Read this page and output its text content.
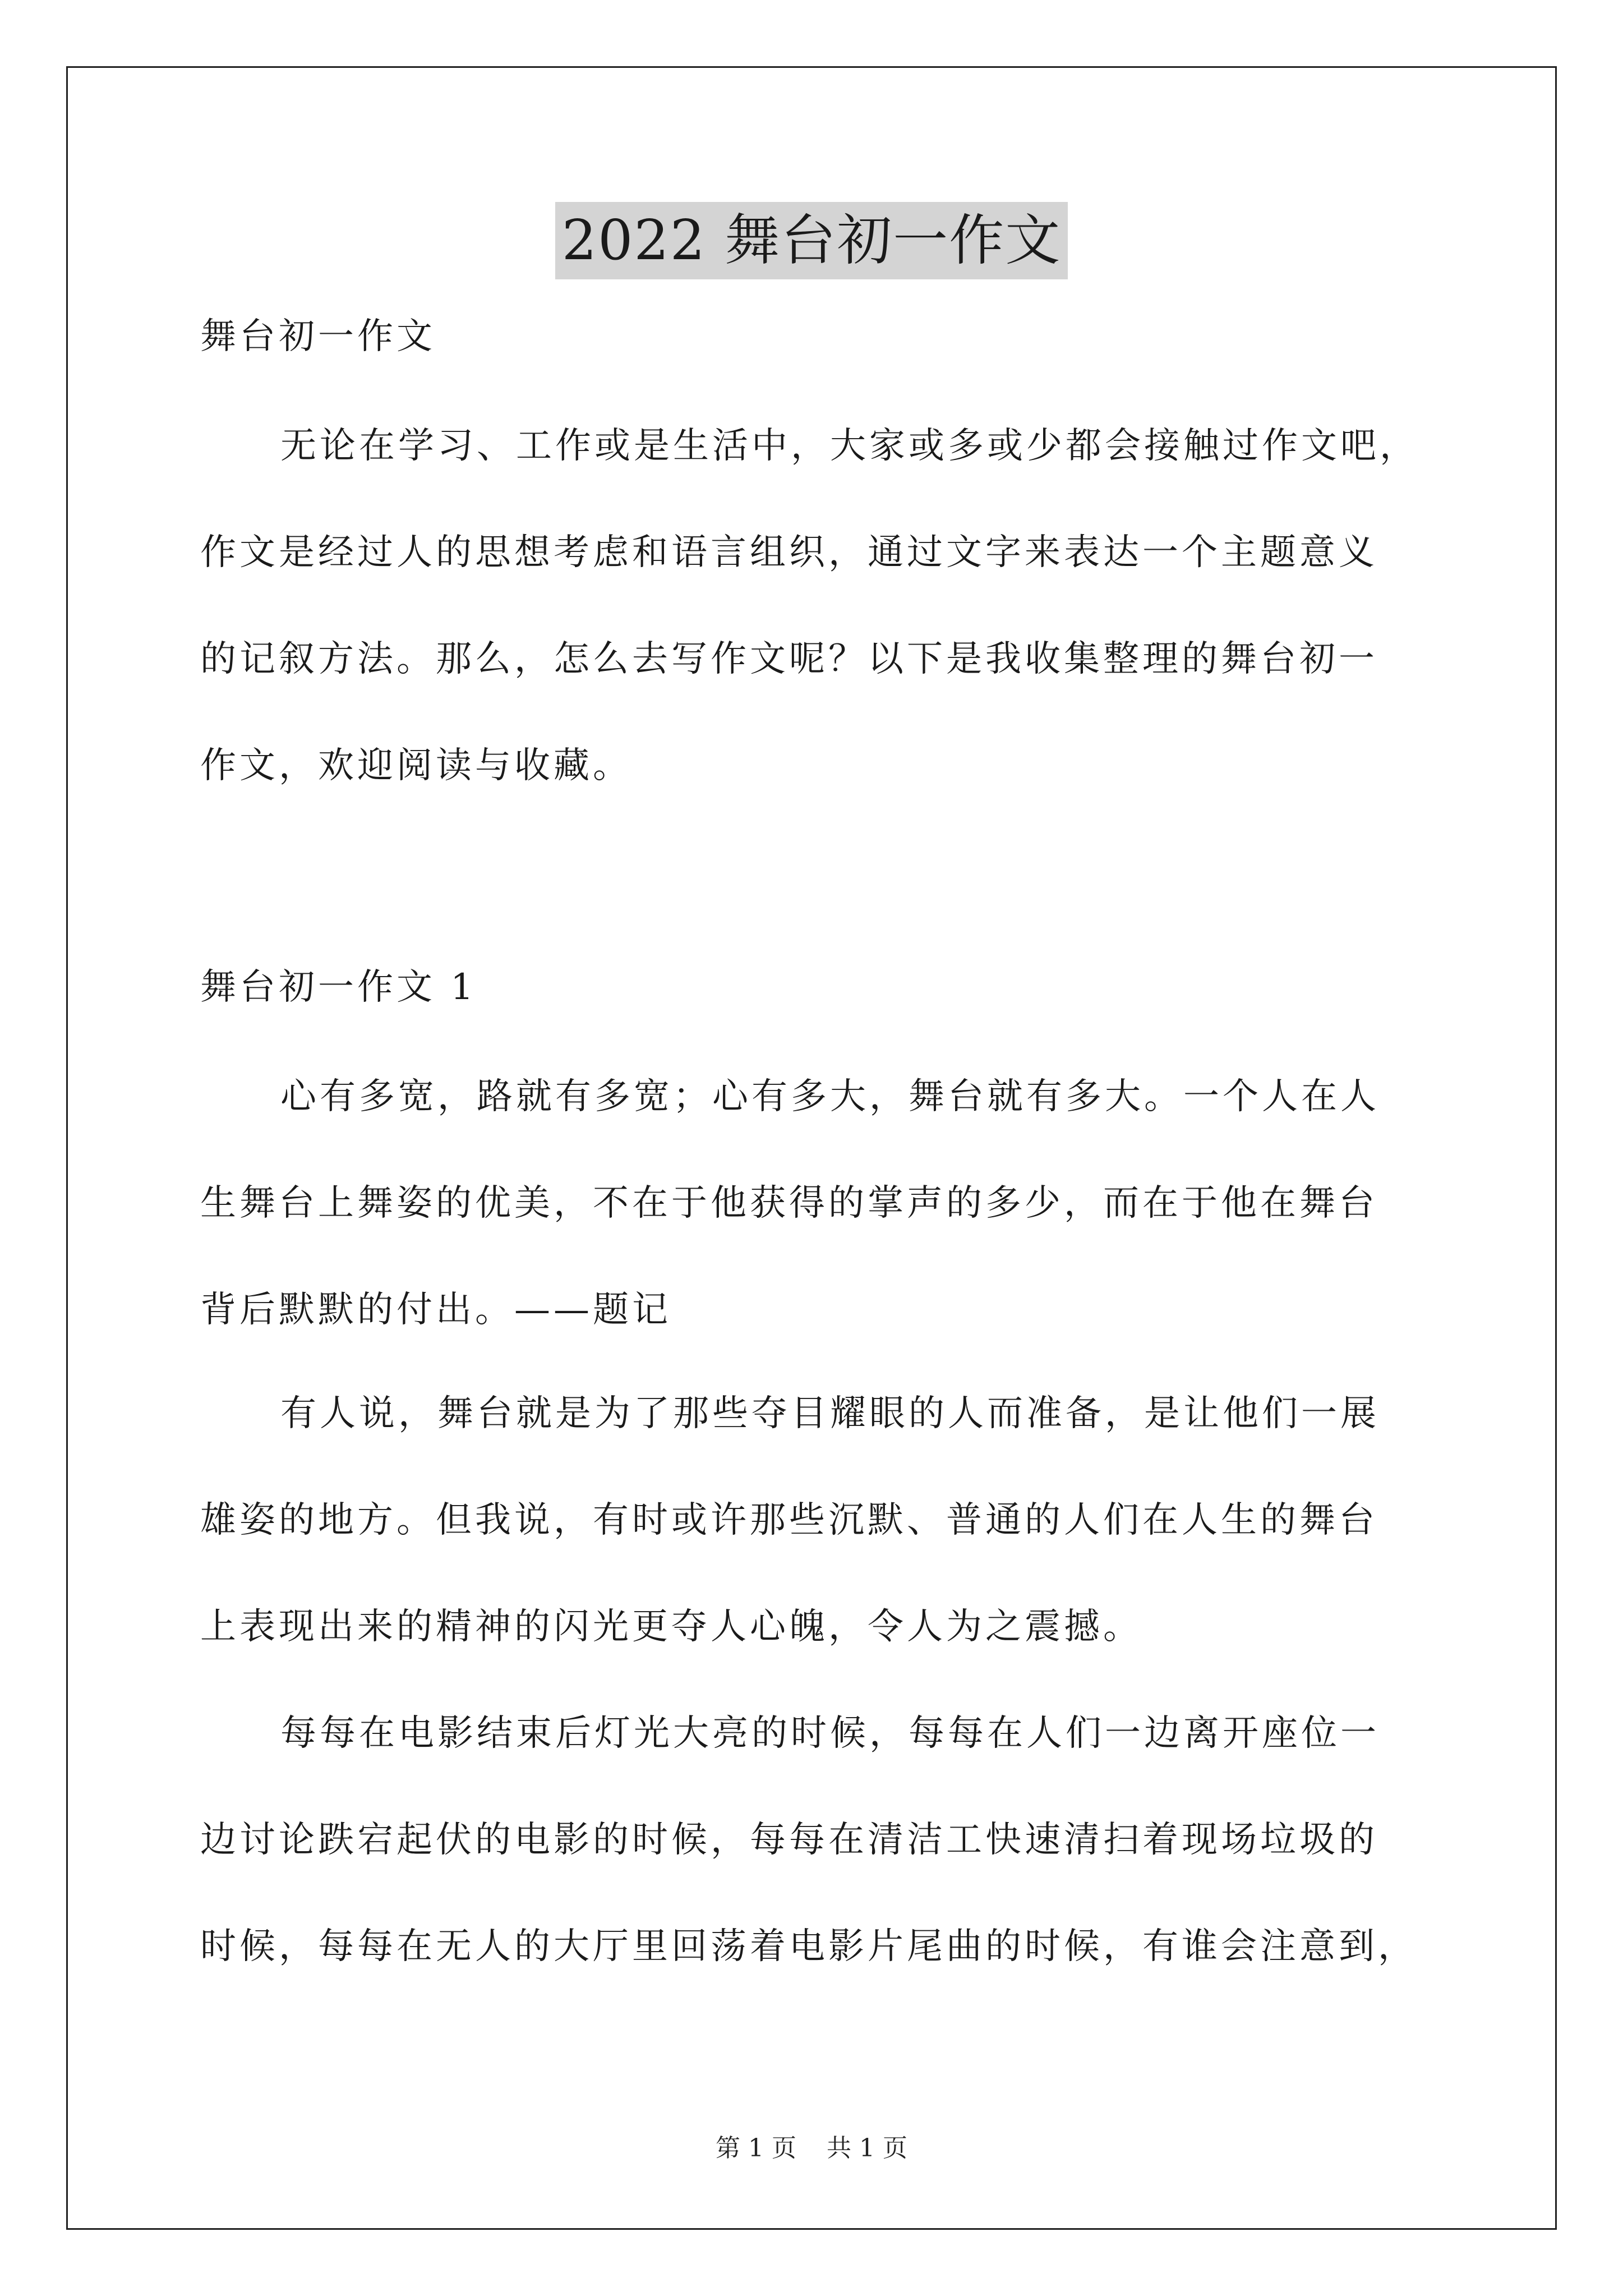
2022 舞台初一作文
舞台初一作文
无论在学习、工作或是生活中，大家或多或少都会接触过作文吧，
作文是经过人的思想考虑和语言组织，通过文字来表达一个主题意义
的记叙方法。那么，怎么去写作文呢？以下是我收集整理的舞台初一
作文，欢迎阅读与收藏。
舞台初一作文 1
心有多宽，路就有多宽；心有多大，舞台就有多大。一个人在人
生舞台上舞姿的优美，不在于他获得的掌声的多少，而在于他在舞台
背后默默的付出。——题记
有人说，舞台就是为了那些夺目耀眼的人而准备，是让他们一展
雄姿的地方。但我说，有时或许那些沉默、普通的人们在人生的舞台
上表现出来的精神的闪光更夺人心魄，令人为之震撼。
每每在电影结束后灯光大亮的时候，每每在人们一边离开座位一
边讨论跌宕起伏的电影的时候，每每在清洁工快速清扫着现场垃圾的
时候，每每在无人的大厅里回荡着电影片尾曲的时候，有谁会注意到，
第 1 页 共 1 页
